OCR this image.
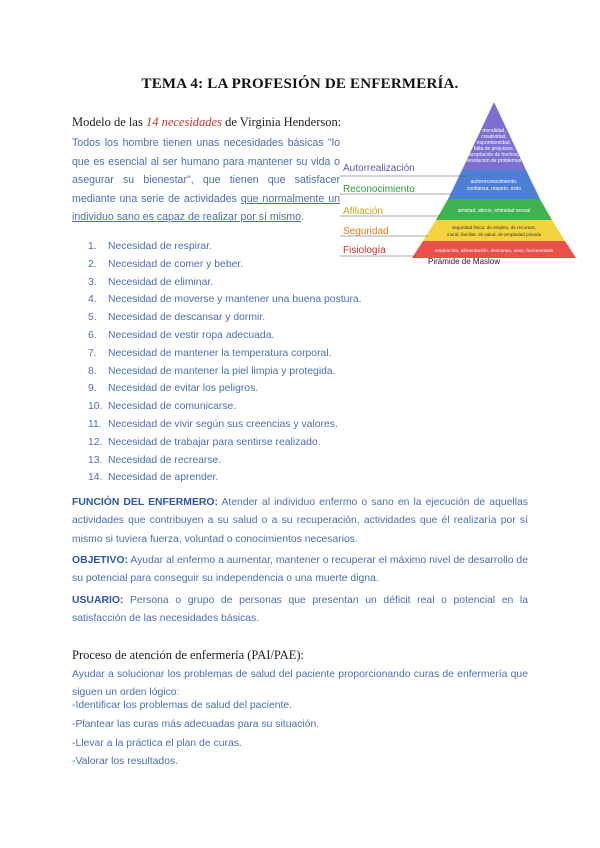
TEMA 4: LA PROFESIÓN DE ENFERMERÍA.
Modelo de las 14 necesidades de Virginia Henderson:
Todos los hombre tienen unas necesidades básicas "lo que es esencial al ser humano para mantener su vida o asegurar su bienestar", que tienen que satisfacer mediante una serie de actividades que normalmente un individuo sano es capaz de realizar por sí mismo.
moralidad,
creatividad,
espontaneidad,
falta de prejuicios,
aceptación de hechos,
resolución de problemas
autorreconocimiento,
confianza, respeto, éxito
amistad, afecto, intimidad sexual
seguridad física, de empleo, de recursos,
moral, familiar, de salud, de propiedad privada
respiración, alimentación, descanso, sexo, homeostasis
Autorrealización
Reconocimiento
Afiliación
Seguridad
Fisiología
Pirámide de Maslow
1. Necesidad de respirar.
2. Necesidad de comer y beber.
3. Necesidad de eliminar.
4. Necesidad de moverse y mantener una buena postura.
5. Necesidad de descansar y dormir.
6. Necesidad de vestir ropa adecuada.
7. Necesidad de mantener la temperatura corporal.
8. Necesidad de mantener la piel limpia y protegida.
9. Necesidad de evitar los peligros.
10. Necesidad de comunicarse.
11. Necesidad de vivir según sus creencias y valores.
12. Necesidad de trabajar para sentirse realizado.
13. Necesidad de recrearse.
14. Necesidad de aprender.
FUNCIÓN DEL ENFERMERO: Atender al individuo enfermo o sano en la ejecución de aquellas actividades que contribuyen a su salud o a su recuperación, actividades que él realizaría por sí mismo si tuviera fuerza, voluntad o conocimientos necesarios.
OBJETIVO: Ayudar al enfermo a aumentar, mantener o recuperar el máximo nivel de desarrollo de su potencial para conseguir su independencia o una muerte digna.
USUARIO: Persona o grupo de personas que presentan un déficit real o potencial en la satisfacción de las necesidades básicas.
Proceso de atención de enfermería (PAI/PAE):
Ayudar a solucionar los problemas de salud del paciente proporcionando curas de enfermería que siguen un orden lógico:
-Identificar los problemas de salud del paciente.
-Plantear las curas más adecuadas para su situación.
-Llevar a la práctica el plan de curas.
-Valorar los resultados.
